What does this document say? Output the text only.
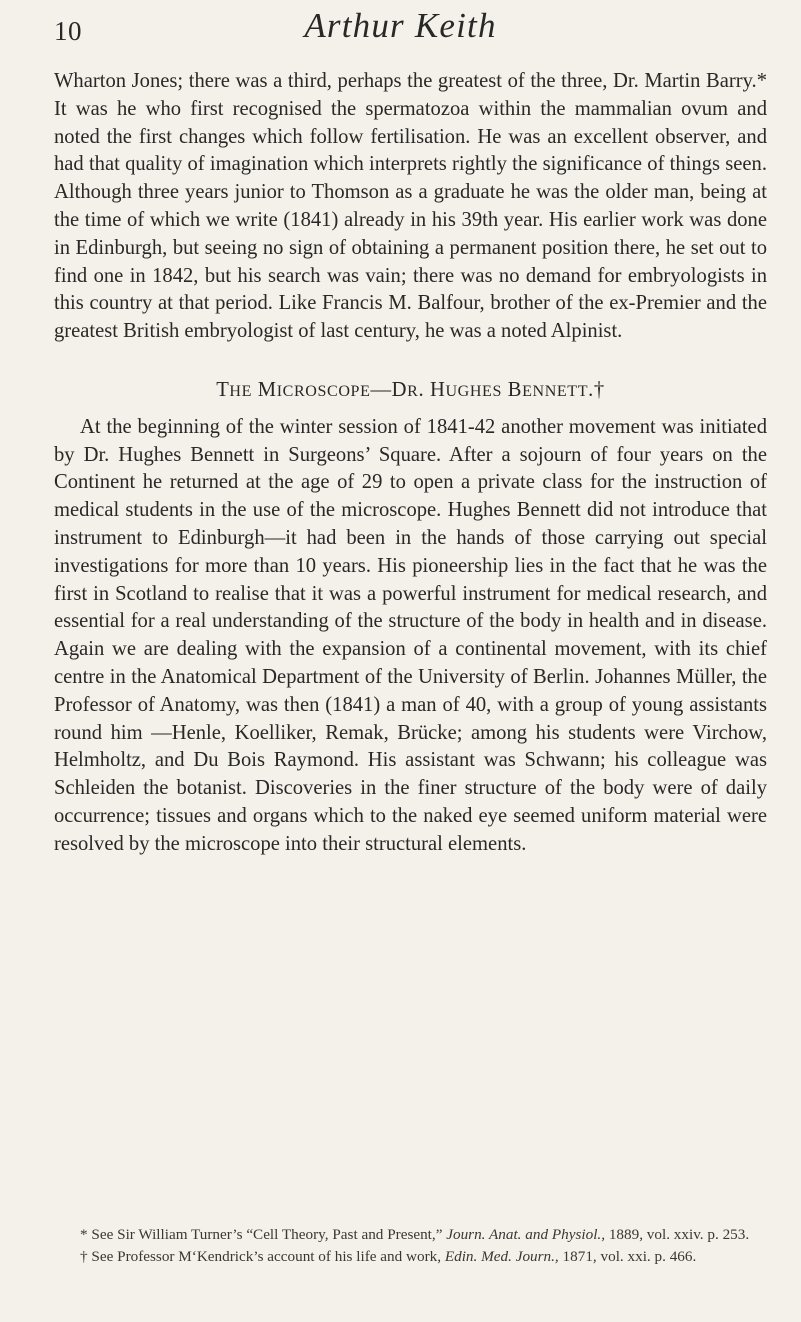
10	Arthur Keith

Wharton Jones; there was a third, perhaps the greatest of the three, Dr. Martin Barry.* It was he who first recognised the spermatozoa within the mammalian ovum and noted the first changes which follow fertilisation. He was an excellent observer, and had that quality of imagination which interprets rightly the significance of things seen. Although three years junior to Thomson as a graduate he was the older man, being at the time of which we write (1841) already in his 39th year. His earlier work was done in Edinburgh, but seeing no sign of obtaining a permanent position there, he set out to find one in 1842, but his search was vain; there was no demand for embryologists in this country at that period. Like Francis M. Balfour, brother of the ex-Premier and the greatest British embryologist of last century, he was a noted Alpinist.

THE MICROSCOPE—DR. HUGHES BENNETT.†

At the beginning of the winter session of 1841-42 another movement was initiated by Dr. Hughes Bennett in Surgeons’ Square. After a sojourn of four years on the Continent he returned at the age of 29 to open a private class for the instruction of medical students in the use of the microscope. Hughes Bennett did not introduce that instrument to Edinburgh—it had been in the hands of those carrying out special investigations for more than 10 years. His pioneership lies in the fact that he was the first in Scotland to realise that it was a powerful instrument for medical research, and essential for a real understanding of the structure of the body in health and in disease. Again we are dealing with the expansion of a continental movement, with its chief centre in the Anatomical Department of the University of Berlin. Johannes Müller, the Professor of Anatomy, was then (1841) a man of 40, with a group of young assistants round him —Henle, Koelliker, Remak, Brücke; among his students were Virchow, Helmholtz, and Du Bois Raymond. His assistant was Schwann; his colleague was Schleiden the botanist. Discoveries in the finer structure of the body were of daily occurrence; tissues and organs which to the naked eye seemed uniform material were resolved by the microscope into their structural elements.

* See Sir William Turner’s “Cell Theory, Past and Present,” Journ. Anat. and Physiol., 1889, vol. xxiv. p. 253.

† See Professor M‘Kendrick’s account of his life and work, Edin. Med. Journ., 1871, vol. xxi. p. 466.
